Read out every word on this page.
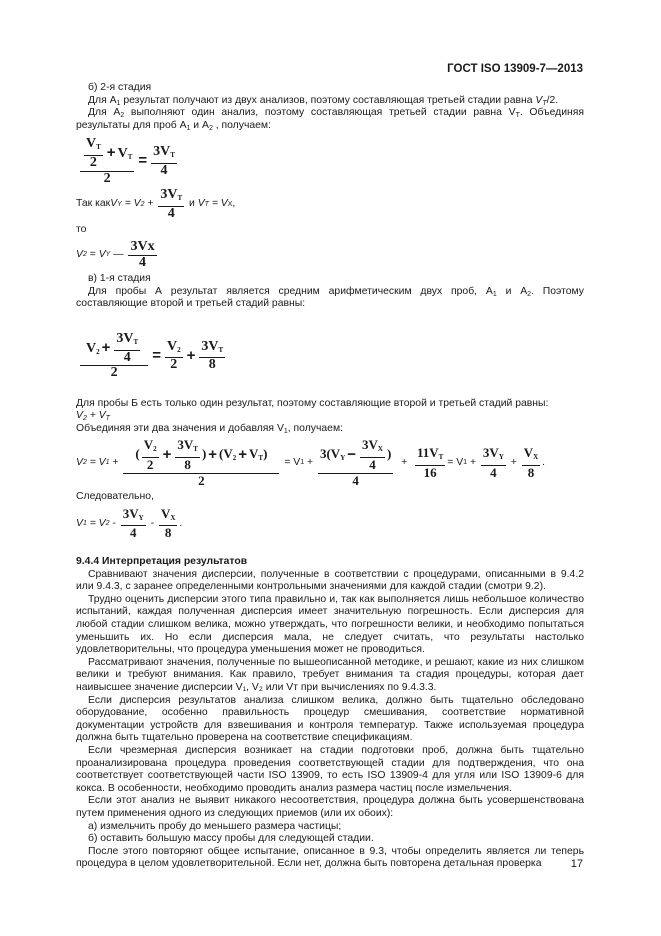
ГОСТ ISO 13909-7—2013

б) 2-я стадия

Для $A_1$ результат получают из двух анализов, поэтому составляющая третьей стадии равна $V_T/2$.

Для $A_2$ выполняют один анализ, поэтому составляющая третьей стадии равна $V_T$. Объединяя результаты для проб $A_1$ и $A_2$ , получаем:

$\frac{\frac{VT}{2} + VT}{2} = \frac{3VT}{4}$
Так как V Y = V $2 + \frac{3VT}{4}$ и V T = V X ,

то

V 2 = V Y — $\frac{3Vx}{4}$

в) 1-я стадия

Для пробы А результат является средним арифметическим двух проб, $A_1$ и $A_2$. Поэтому составляющие второй и третьей стадий равны:

$\frac{V2 + \frac{3VT}{4}}{2} = \frac{V2}{2} + \frac{3VT}{8}$

Для пробы Б есть только один результат, поэтому составляющие второй и третьей стадий равны:

$V_2 + V_T$

Объединяя эти два значения и добавляя $V_1$, получаем:

V 2 = V $1 + \frac{( \frac{V2}{2} + \frac{3VT}{8} ) + (V2 + VT)}{2} = V$ $1 + \frac{3(VY - \frac{3VX}{4} )}{4} + \frac{11VT}{16} = V$ $1 + \frac{3VY}{4} + \frac{VX}{8}$ .

Следовательно,

V 1 = V $2 - \frac{3VY}{4} - \frac{VX}{8}$ .

9.4.4 Интерпретация результатов

Сравнивают значения дисперсии, полученные в соответствии с процедурами, описанными в 9.4.2 или 9.4.3, с заранее определенными контрольными значениями для каждой стадии (смотри 9.2).

Трудно оценить дисперсии этого типа правильно и, так как выполняется лишь небольшое количество испытаний, каждая полученная дисперсия имеет значительную погрешность. Если дисперсия для любой стадии слишком велика, можно утверждать, что погрешности велики, и необходимо попытаться уменьшить их. Но если дисперсия мала, не следует считать, что результаты настолько удовлетворительны, что процедура уменьшения может не проводиться.

Рассматривают значения, полученные по вышеописанной методике, и решают, какие из них слишком велики и требуют внимания. Как правило, требует внимания та стадия процедуры, которая дает наивысшее значение дисперсии V₁, V₂ или Vт при вычислениях по 9.4.3.3.

Если дисперсия результатов анализа слишком велика, должно быть тщательно обследовано оборудование, особенно правильность процедур смешивания, соответствие нормативной документации устройств для взвешивания и контроля температур. Также используемая процедура должна быть тщательно проверена на соответствие спецификациям.

Если чрезмерная дисперсия возникает на стадии подготовки проб, должна быть тщательно проанализирована процедура проведения соответствующей стадии для подтверждения, что она соответствует соответствующей части ISO 13909, то есть ISO 13909-4 для угля или ISO 13909-6 для кокса. В особенности, необходимо проводить анализ размера частиц после измельчения.

Если этот анализ не выявит никакого несоответствия, процедура должна быть усовершенствована путем применения одного из следующих приемов (или их обоих):

а) измельчить пробу до меньшего размера частицы;

б) оставить большую массу пробы для следующей стадии.

После этого повторяют общее испытание, описанное в 9.3, чтобы определить является ли теперь процедура в целом удовлетворительной. Если нет, должна быть повторена детальная проверка	17
